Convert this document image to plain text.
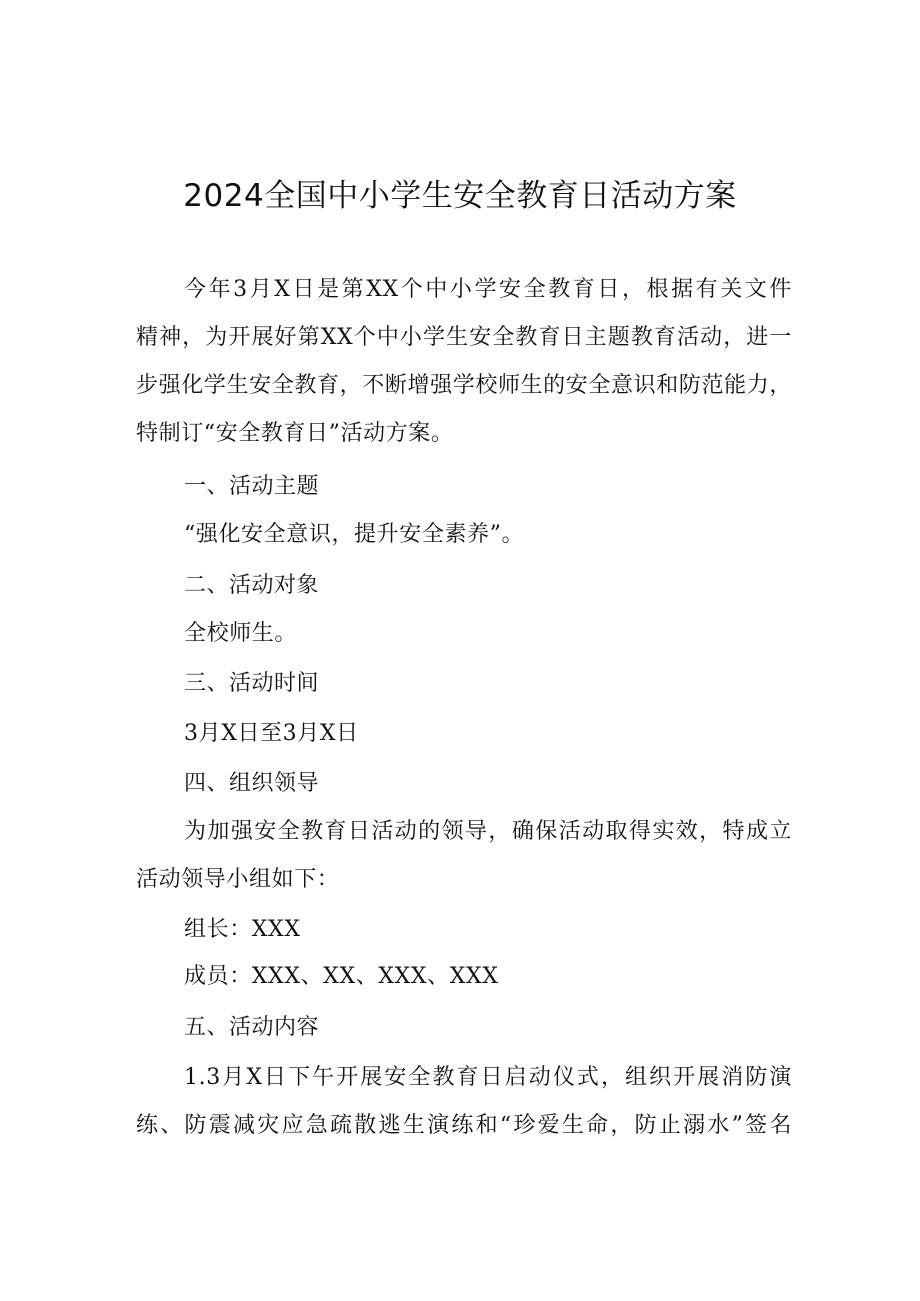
2024全国中小学生安全教育日活动方案
今年3月X日是第XX个中小学安全教育日，根据有关文件
精神，为开展好第XX个中小学生安全教育日主题教育活动，进一
步强化学生安全教育，不断增强学校师生的安全意识和防范能力，
特制订“安全教育日”活动方案。
一、活动主题
“强化安全意识，提升安全素养”。
二、活动对象
全校师生。
三、活动时间
3月X日至3月X日
四、组织领导
为加强安全教育日活动的领导，确保活动取得实效，特成立
活动领导小组如下：
组长：XXX
成员：XXX、XX、XXX、XXX
五、活动内容
1.3月X日下午开展安全教育日启动仪式，组织开展消防演
练、防震减灾应急疏散逃生演练和“珍爱生命，防止溺水”签名
